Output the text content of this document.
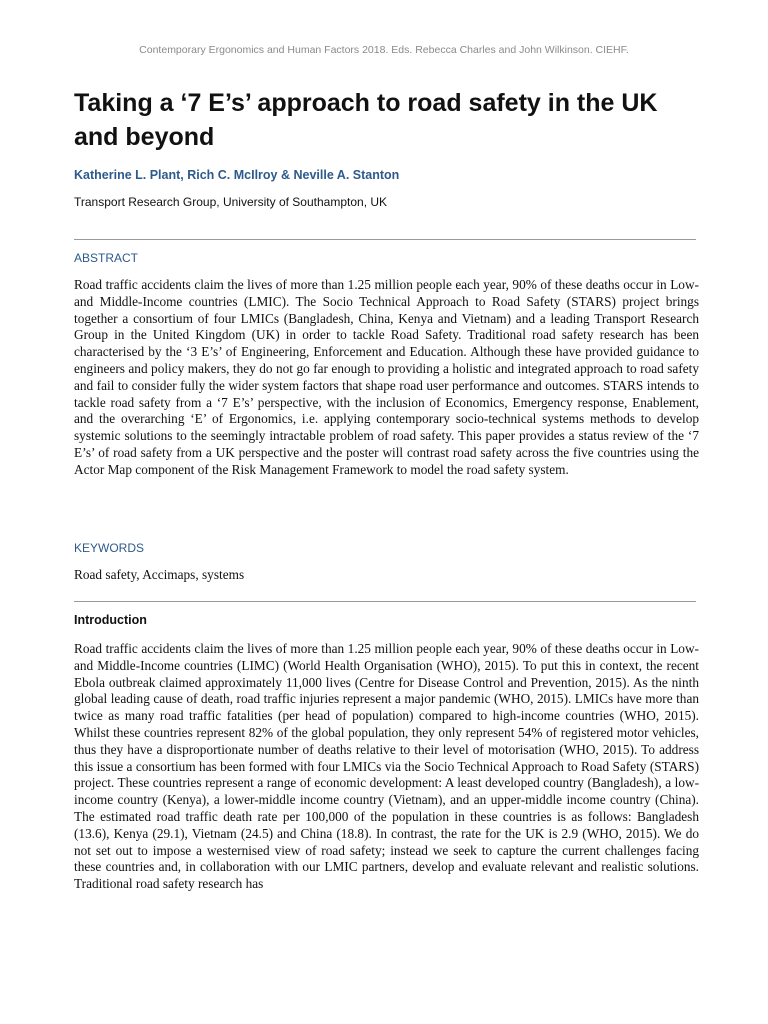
Contemporary Ergonomics and Human Factors 2018. Eds. Rebecca Charles and John Wilkinson. CIEHF.
Taking a ‘7 E’s’ approach to road safety in the UK and beyond
Katherine L. Plant, Rich C. McIlroy & Neville A. Stanton
Transport Research Group, University of Southampton, UK
ABSTRACT

Road traffic accidents claim the lives of more than 1.25 million people each year, 90% of these deaths occur in Low-and Middle-Income countries (LMIC). The Socio Technical Approach to Road Safety (STARS) project brings together a consortium of four LMICs (Bangladesh, China, Kenya and Vietnam) and a leading Transport Research Group in the United Kingdom (UK) in order to tackle Road Safety. Traditional road safety research has been characterised by the ‘3 E’s’ of Engineering, Enforcement and Education. Although these have provided guidance to engineers and policy makers, they do not go far enough to providing a holistic and integrated approach to road safety and fail to consider fully the wider system factors that shape road user performance and outcomes. STARS intends to tackle road safety from a ‘7 E’s’ perspective, with the inclusion of Economics, Emergency response, Enablement, and the overarching ‘E’ of Ergonomics, i.e. applying contemporary socio-technical systems methods to develop systemic solutions to the seemingly intractable problem of road safety. This paper provides a status review of the ‘7 E’s’ of road safety from a UK perspective and the poster will contrast road safety across the five countries using the Actor Map component of the Risk Management Framework to model the road safety system.

KEYWORDS

Road safety, Accimaps, systems

Introduction

Road traffic accidents claim the lives of more than 1.25 million people each year, 90% of these deaths occur in Low-and Middle-Income countries (LIMC) (World Health Organisation (WHO), 2015). To put this in context, the recent Ebola outbreak claimed approximately 11,000 lives (Centre for Disease Control and Prevention, 2015). As the ninth global leading cause of death, road traffic injuries represent a major pandemic (WHO, 2015). LMICs have more than twice as many road traffic fatalities (per head of population) compared to high-income countries (WHO, 2015). Whilst these countries represent 82% of the global population, they only represent 54% of registered motor vehicles, thus they have a disproportionate number of deaths relative to their level of motorisation (WHO, 2015). To address this issue a consortium has been formed with four LMICs via the Socio Technical Approach to Road Safety (STARS) project. These countries represent a range of economic development: A least developed country (Bangladesh), a low-income country (Kenya), a lower-middle income country (Vietnam), and an upper-middle income country (China). The estimated road traffic death rate per 100,000 of the population in these countries is as follows: Bangladesh (13.6), Kenya (29.1), Vietnam (24.5) and China (18.8). In contrast, the rate for the UK is 2.9 (WHO, 2015). We do not set out to impose a westernised view of road safety; instead we seek to capture the current challenges facing these countries and, in collaboration with our LMIC partners, develop and evaluate relevant and realistic solutions. Traditional road safety research has
